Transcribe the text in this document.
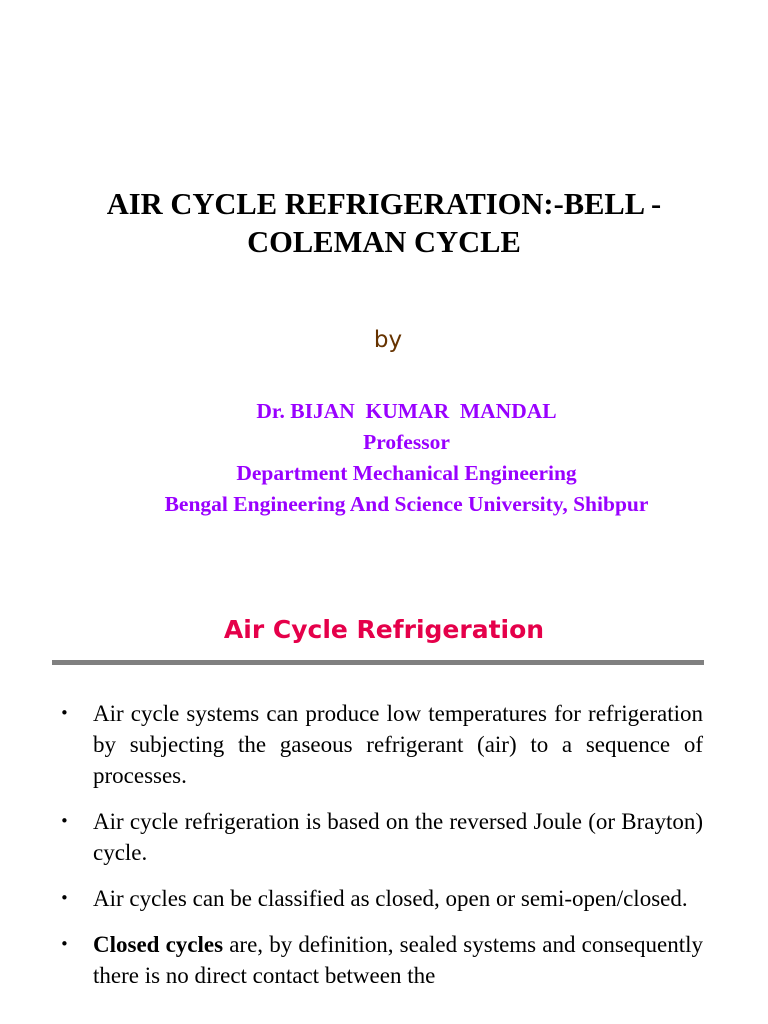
AIR CYCLE REFRIGERATION:-BELL -
COLEMAN CYCLE
by
Dr. BIJAN  KUMAR  MANDAL
Professor
Department Mechanical Engineering
Bengal Engineering And Science University, Shibpur
Air Cycle Refrigeration
• Air cycle systems can produce low temperatures for refrigeration by subjecting the gaseous refrigerant (air) to a sequence of processes.
• Air cycle refrigeration is based on the reversed Joule (or Brayton) cycle.
• Air cycles can be classified as closed, open or semi-open/closed.
• Closed cycles are, by definition, sealed systems and consequently there is no direct contact between the
